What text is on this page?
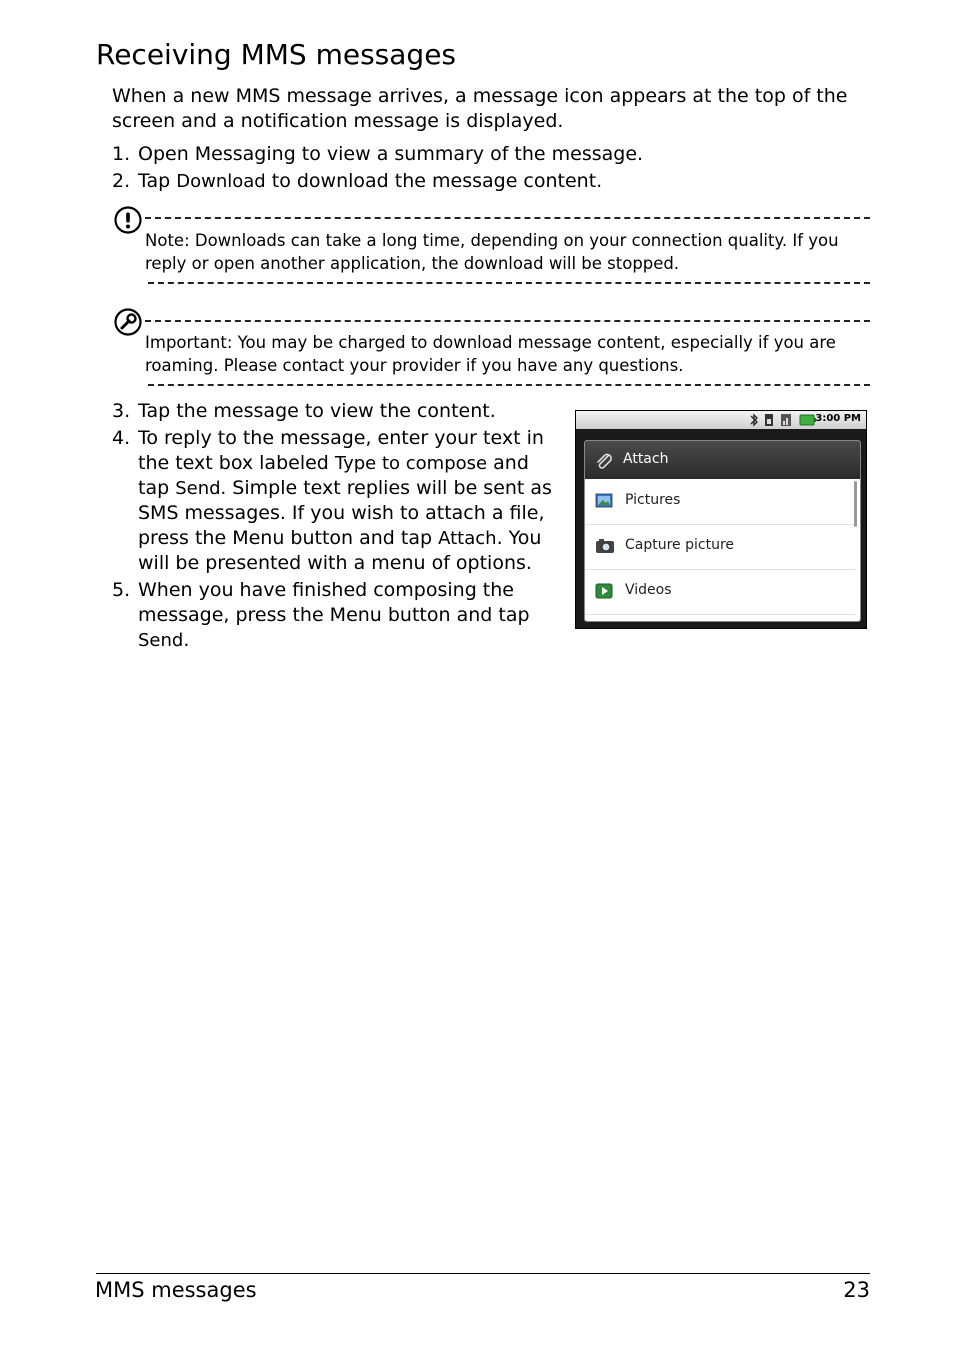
Receiving MMS messages
When a new MMS message arrives, a message icon appears at the top of the screen and a notification message is displayed.
1. Open Messaging to view a summary of the message.
2. Tap Download to download the message content.
Note: Downloads can take a long time, depending on your connection quality. If you
reply or open another application, the download will be stopped.
Important: You may be charged to download message content, especially if you are
roaming. Please contact your provider if you have any questions.
3. Tap the message to view the content.
4. To reply to the message, enter your text in
the text box labeled Type to compose and
tap Send. Simple text replies will be sent as
SMS messages. If you wish to attach a file,
press the Menu button and tap Attach. You
will be presented with a menu of options.
5. When you have finished composing the
message, press the Menu button and tap
Send.
3:00 PM
Attach
Pictures
Capture picture
Videos
MMS messages	23
